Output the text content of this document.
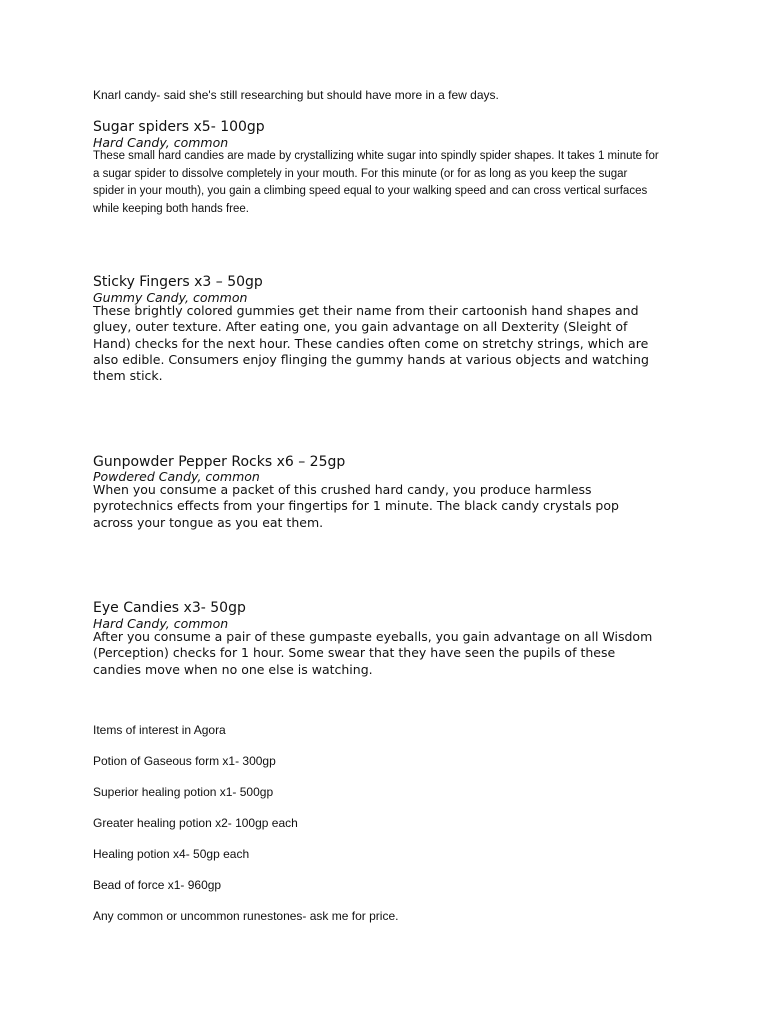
Knarl candy- said she's still researching but should have more in a few days.

Sugar spiders x5- 100gp

Hard Candy, common

These small hard candies are made by crystallizing white sugar into spindly spider shapes. It takes 1 minute for
a sugar spider to dissolve completely in your mouth. For this minute (or for as long as you keep the sugar
spider in your mouth), you gain a climbing speed equal to your walking speed and can cross vertical surfaces
while keeping both hands free.

Sticky Fingers x3 – 50gp

Gummy Candy, common

These brightly colored gummies get their name from their cartoonish hand shapes and
gluey, outer texture. After eating one, you gain advantage on all Dexterity (Sleight of
Hand) checks for the next hour. These candies often come on stretchy strings, which are
also edible. Consumers enjoy flinging the gummy hands at various objects and watching
them stick.

Gunpowder Pepper Rocks x6 – 25gp

Powdered Candy, common

When you consume a packet of this crushed hard candy, you produce harmless
pyrotechnics effects from your fingertips for 1 minute. The black candy crystals pop
across your tongue as you eat them.

Eye Candies x3- 50gp

Hard Candy, common

After you consume a pair of these gumpaste eyeballs, you gain advantage on all Wisdom
(Perception) checks for 1 hour. Some swear that they have seen the pupils of these
candies move when no one else is watching.

Items of interest in Agora

Potion of Gaseous form x1- 300gp

Superior healing potion x1- 500gp

Greater healing potion x2- 100gp each

Healing potion x4- 50gp each

Bead of force x1- 960gp

Any common or uncommon runestones- ask me for price.
